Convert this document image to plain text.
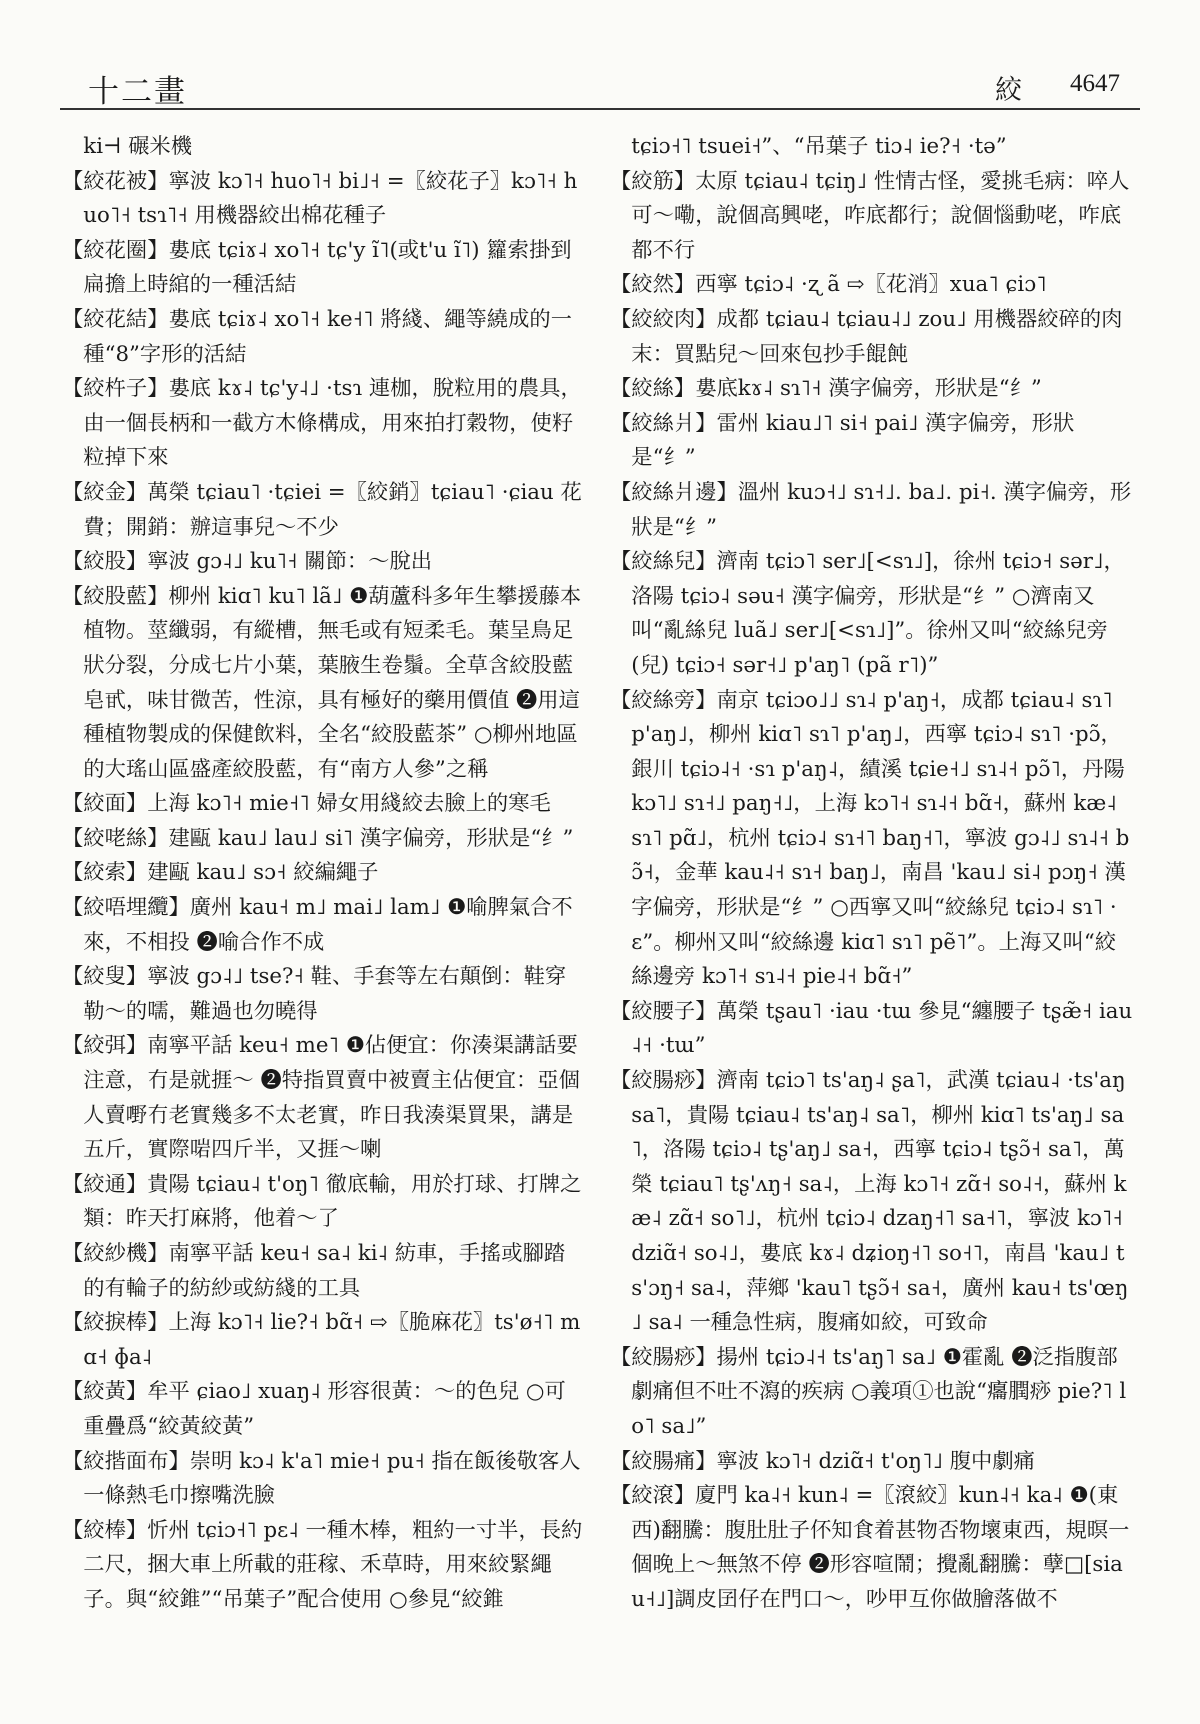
十二畫	絞 4647

ki⊣ 碾米機

【絞花被】寧波 kɔ˥˧ huo˥˧ bi˩˧ =〖絞花子〗kɔ˥˧ huo˥˧ tsɿ˥˧ 用機器絞出棉花種子

【絞花圈】婁底 tɕiɤ˨ xo˥˧ tɕ'y ĩ˥(或t'u ĩ˥) 籮索掛到扁擔上時綰的一種活結

【絞花結】婁底 tɕiɤ˨ xo˥˧ ke˧˥ 將綫、繩等繞成的一種“8”字形的活結

【絞杵子】婁底 kɤ˨ tɕ'y˨˩ ·tsɿ 連枷，脫粒用的農具，由一個長柄和一截方木條構成，用來拍打穀物，使籽粒掉下來

【絞金】萬榮 tɕiau˥ ·tɕiei =〖絞銷〗tɕiau˥ ·ɕiau 花費；開銷：辦這事兒～不少

【絞股】寧波 gɔ˨˩ ku˥˧ 關節：～脫出

【絞股藍】柳州 kiɑ˥ ku˥ lã˩ ❶葫蘆科多年生攀援藤本植物。莖纖弱，有縱槽，無毛或有短柔毛。葉呈鳥足狀分裂，分成七片小葉，葉腋生卷鬚。全草含絞股藍皂甙，味甘微苦，性涼，具有極好的藥用價值 ❷用這種植物製成的保健飲料，全名“絞股藍茶” ○柳州地區的大瑤山區盛產絞股藍，有“南方人參”之稱

【絞面】上海 kɔ˥˧ mie˧˥ 婦女用綫絞去臉上的寒毛

【絞咾絲】建甌 kau˩ lau˩ si˥ 漢字偏旁，形狀是“纟”

【絞索】建甌 kau˩ sɔ˧ 絞編繩子

【絞唔埋纜】廣州 kau˧ m˩ mai˩ lam˩ ❶喻脾氣合不來，不相投 ❷喻合作不成

【絞叟】寧波 gɔ˨˩ tse?˧ 鞋、手套等左右顛倒：鞋穿勒～的嚅，難過也勿曉得

【絞弭】南寧平話 keu˧ me˥ ❶佔便宜：你湊渠講話要注意，冇是就捱～ ❷特指買賣中被賣主佔便宜：亞個人賣嘢冇老實幾多不太老實，昨日我湊渠買果，講是五斤，實際啱四斤半，又捱～喇

【絞通】貴陽 tɕiau˨ t'oŋ˥ 徹底輸，用於打球、打牌之類：昨天打麻將，他着～了

【絞紗機】南寧平話 keu˧ sa˨ ki˨ 紡車，手搖或腳踏的有輪子的紡紗或紡綫的工具

【絞捩棒】上海 kɔ˥˧ lie?˧ bɑ̃˧ ⇨〖脆麻花〗ts'ø˧˥ mɑ˧ ɸa˨

【絞黃】牟平 ɕiao˩ xuaŋ˨ 形容很黃：～的色兒 ○可重疊爲“絞黃絞黃”

【絞揩面布】崇明 kɔ˨ k'a˥ mie˧ pu˧ 指在飯後敬客人一條熱毛巾擦嘴洗臉

【絞棒】忻州 tɕiɔ˧˥ pɛ˨ 一種木棒，粗約一寸半，長約二尺，捆大車上所載的莊稼、禾草時，用來絞緊繩子。與“絞錐”“吊葉子”配合使用 ○參見“絞錐

tɕiɔ˧˥ tsuei˧”、“吊葉子 tiɔ˨ ie?˧ ·tə”

【絞筋】太原 tɕiau˨ tɕiŋ˩ 性情古怪，愛挑毛病：啐人可～嘞，說個高興咾，咋底都行；說個惱動咾，咋底都不行

【絞然】西寧 tɕiɔ˨ ·ʐ ã ⇨〖花消〗xua˥ ɕiɔ˥

【絞絞肉】成都 tɕiau˨ tɕiau˨˩ zou˩ 用機器絞碎的肉末：買點兒～回來包抄手餛飩

【絞絲】婁底kɤ˨ sɿ˥˧ 漢字偏旁，形狀是“纟”

【絞絲爿】雷州 kiau˩˥ si˧ pai˩ 漢字偏旁，形狀是“纟”

【絞絲爿邊】溫州 kuɔ˧˩ sɿ˧˩. ba˩. pi˧. 漢字偏旁，形狀是“纟”

【絞絲兒】濟南 tɕiɔ˥ ser˩[<sɿ˩]，徐州 tɕiɔ˧ sər˩，洛陽 tɕiɔ˨ səu˧ 漢字偏旁，形狀是“纟” ○濟南又叫“亂絲兒 luã˩ ser˩[<sɿ˩]”。徐州又叫“絞絲兒旁(兒) tɕiɔ˧ sər˧˩ p'aŋ˥ (pã r˥)”

【絞絲旁】南京 tɕiɔo˩˩ sɿ˨ p'aŋ˧，成都 tɕiau˨ sɿ˥ p'aŋ˩，柳州 kiɑ˥ sɿ˥ p'aŋ˩，西寧 tɕiɔ˨ sɿ˥ ·pɔ̃，銀川 tɕiɔ˨˧ ·sɿ p'aŋ˨，績溪 tɕie˧˩ sɿ˨˧ pɔ̃˥，丹陽 kɔ˥˩ sɿ˧˩ paŋ˧˩，上海 kɔ˥˧ sɿ˨˧ bɑ̃˧，蘇州 kæ˨ sɿ˥ pɑ̃˩，杭州 tɕiɔ˨ sɿ˧˥ baŋ˧˥，寧波 gɔ˨˩ sɿ˨˧ bɔ̃˧，金華 kau˨˧ sɿ˧ baŋ˩，南昌 'kau˩ si˨ pɔŋ˧ 漢字偏旁，形狀是“纟” ○西寧又叫“絞絲兒 tɕiɔ˨ sɿ˥ ·ɛ”。柳州又叫“絞絲邊 kiɑ˥ sɿ˥ pẽ˥”。上海又叫“絞絲邊旁 kɔ˥˧ sɿ˨˧ pie˨˧ bɑ̃˧”

【絞腰子】萬榮 tʂau˥ ·iau ·tɯ 參見“纏腰子 tʂæ̃˧ iau˨˧ ·tɯ”

【絞腸痧】濟南 tɕiɔ˥ ts'aŋ˨ ʂa˥，武漢 tɕiau˨ ·ts'aŋ sa˥，貴陽 tɕiau˨ ts'aŋ˨ sa˥，柳州 kiɑ˥ ts'aŋ˩ sa˥，洛陽 tɕiɔ˨ tʂ'aŋ˩ sa˧，西寧 tɕiɔ˨ tʂɔ̃˧ sa˥，萬榮 tɕiau˥ tʂ'ʌŋ˧ sa˨，上海 kɔ˥˧ zɑ̃˧ so˨˧，蘇州 kæ˨ zɑ̃˧ so˥˩，杭州 tɕiɔ˨ dzaŋ˧˥ sa˧˥，寧波 kɔ˥˧ dziɑ̃˧ so˨˩，婁底 kɤ˨ dʑioŋ˧˥ so˧˥，南昌 'kau˩ ts'ɔŋ˧ sa˨，萍鄉 'kau˥ tʂɔ̃˧ sa˧，廣州 kau˧ ts'œŋ˩ sa˨ 一種急性病，腹痛如絞，可致命

【絞腸痧】揚州 tɕiɔ˨˧ ts'aŋ˥ sa˩ ❶霍亂 ❷泛指腹部劇痛但不吐不瀉的疾病 ○義項①也說“癟膶痧 pie?˥ lo˥ sa˩”

【絞腸痛】寧波 kɔ˥˧ dziɑ̃˧ t'oŋ˥˩ 腹中劇痛

【絞滾】廈門 ka˨˧ kun˨ =〖滾絞〗kun˨˧ ka˨ ❶(東西)翻騰：腹肚肚子伓知食着甚物否物壞東西，規暝一個晚上～無煞不停 ❷形容喧鬧；攪亂翻騰：孽□[siau˧˩]調皮囝仔在門口～，吵甲互你做膾落做不
